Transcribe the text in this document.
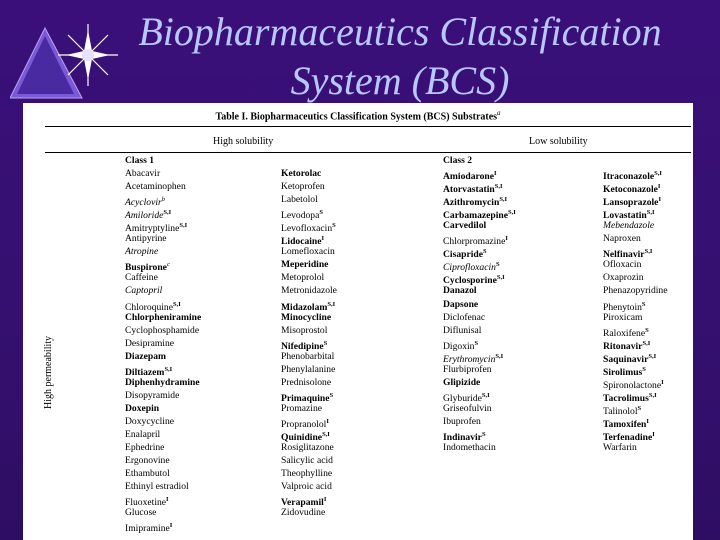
Biopharmaceutics Classification
System (BCS)
Table I. Biopharmaceutics Classification System (BCS) Substrates$^a$
High solubility	Low solubility
High permeability
Class 1
Abacavir
Acetaminophen
Acyclovir$^b$
Amiloride$^{S,I}$
Amitryptyline$^{S,I}$
Antipyrine
Atropine
Buspirone$^c$
Caffeine
Captopril
Chloroquine$^{S,I}$
Chlorpheniramine
Cyclophosphamide
Desipramine
Diazepam
Diltiazem$^{S,I}$
Diphenhydramine
Disopyramide
Doxepin
Doxycycline
Enalapril
Ephedrine
Ergonovine
Ethambutol
Ethinyl estradiol
Fluoxetine$^I$
Glucose
Imipramine$^I$
Ketorolac
Ketoprofen
Labetolol
Levodopa$^S$
Levofloxacin$^S$
Lidocaine$^I$
Lomefloxacin
Meperidine
Metoprolol
Metronidazole
Midazolam$^{S,I}$
Minocycline
Misoprostol
Nifedipine$^S$
Phenobarbital
Phenylalanine
Prednisolone
Primaquine$^S$
Promazine
Propranolol$^I$
Quinidine$^{S,I}$
Rosiglitazone
Salicylic acid
Theophylline
Valproic acid
Verapamil$^I$
Zidovudine
Class 2
Amiodarone$^I$
Atorvastatin$^{S,I}$
Azithromycin$^{S,I}$
Carbamazepine$^{S,I}$
Carvedilol
Chlorpromazine$^I$
Cisapride$^S$
Ciprofloxacin$^S$
Cyclosporine$^{S,I}$
Danazol
Dapsone
Diclofenac
Diflunisal
Digoxin$^S$
Erythromycin$^{S,I}$
Flurbiprofen
Glipizide
Glyburide$^{S,I}$
Griseofulvin
Ibuprofen
Indinavir$^S$
Indomethacin
Itraconazole$^{S,I}$
Ketoconazole$^I$
Lansoprazole$^I$
Lovastatin$^{S,I}$
Mebendazole
Naproxen
Nelfinavir$^{S,I}$
Ofloxacin
Oxaprozin
Phenazopyridine
Phenytoin$^S$
Piroxicam
Raloxifene$^S$
Ritonavir$^{S,I}$
Saquinavir$^{S,I}$
Sirolimus$^S$
Spironolactone$^I$
Tacrolimus$^{S,I}$
Talinolol$^S$
Tamoxifen$^I$
Terfenadine$^I$
Warfarin
